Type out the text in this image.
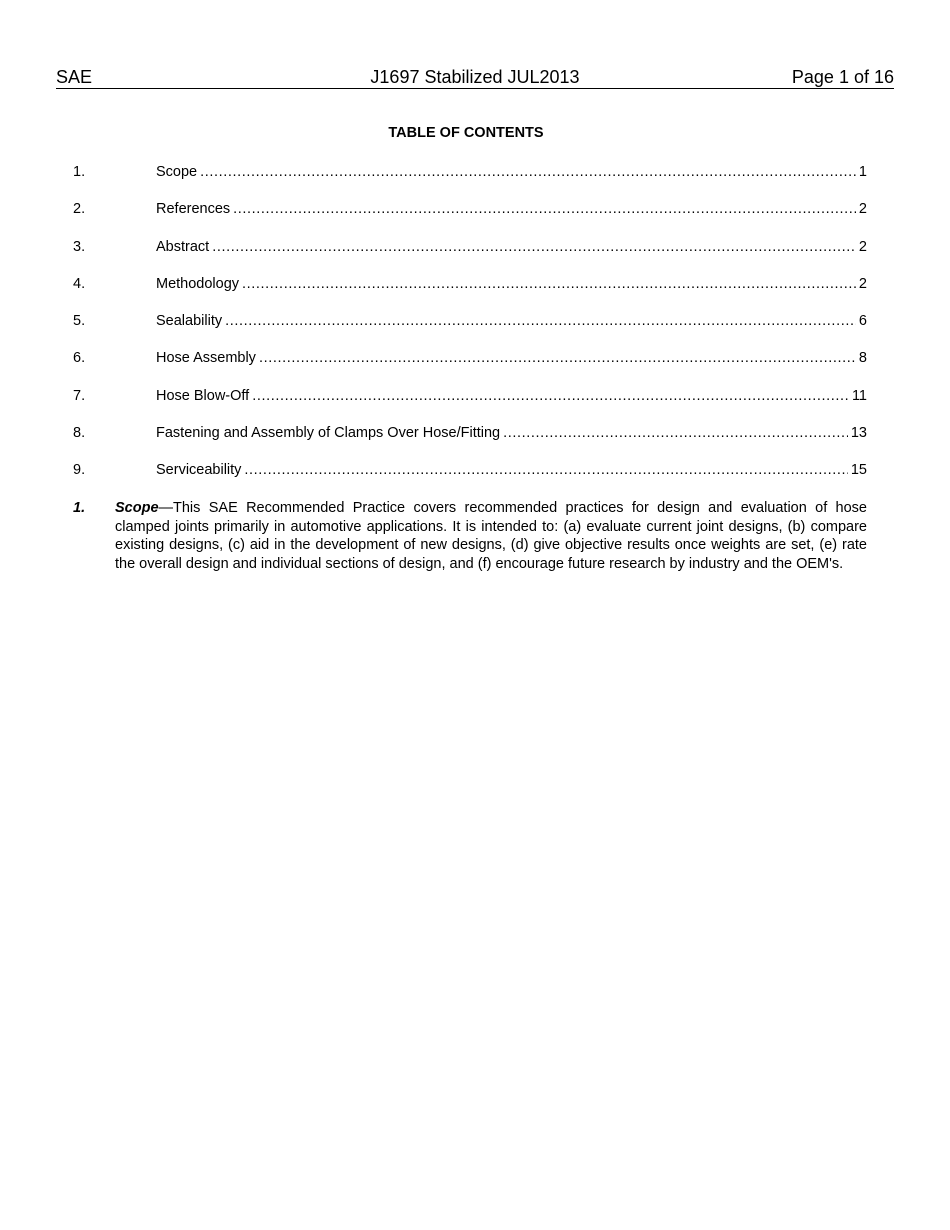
SAE	J1697 Stabilized JUL2013	Page 1 of 16
TABLE OF CONTENTS
1.	Scope .....	1
2.	References .....	2
3.	Abstract .....	2
4.	Methodology .....	2
5.	Sealability .....	6
6.	Hose Assembly .....	8
7.	Hose Blow-Off .....	11
8.	Fastening and Assembly of Clamps Over Hose/Fitting .....	13
9.	Serviceability .....	15
1. Scope—This SAE Recommended Practice covers recommended practices for design and evaluation of hose clamped joints primarily in automotive applications. It is intended to: (a) evaluate current joint designs, (b) compare existing designs, (c) aid in the development of new designs, (d) give objective results once weights are set, (e) rate the overall design and individual sections of design, and (f) encourage future research by industry and the OEM's.
